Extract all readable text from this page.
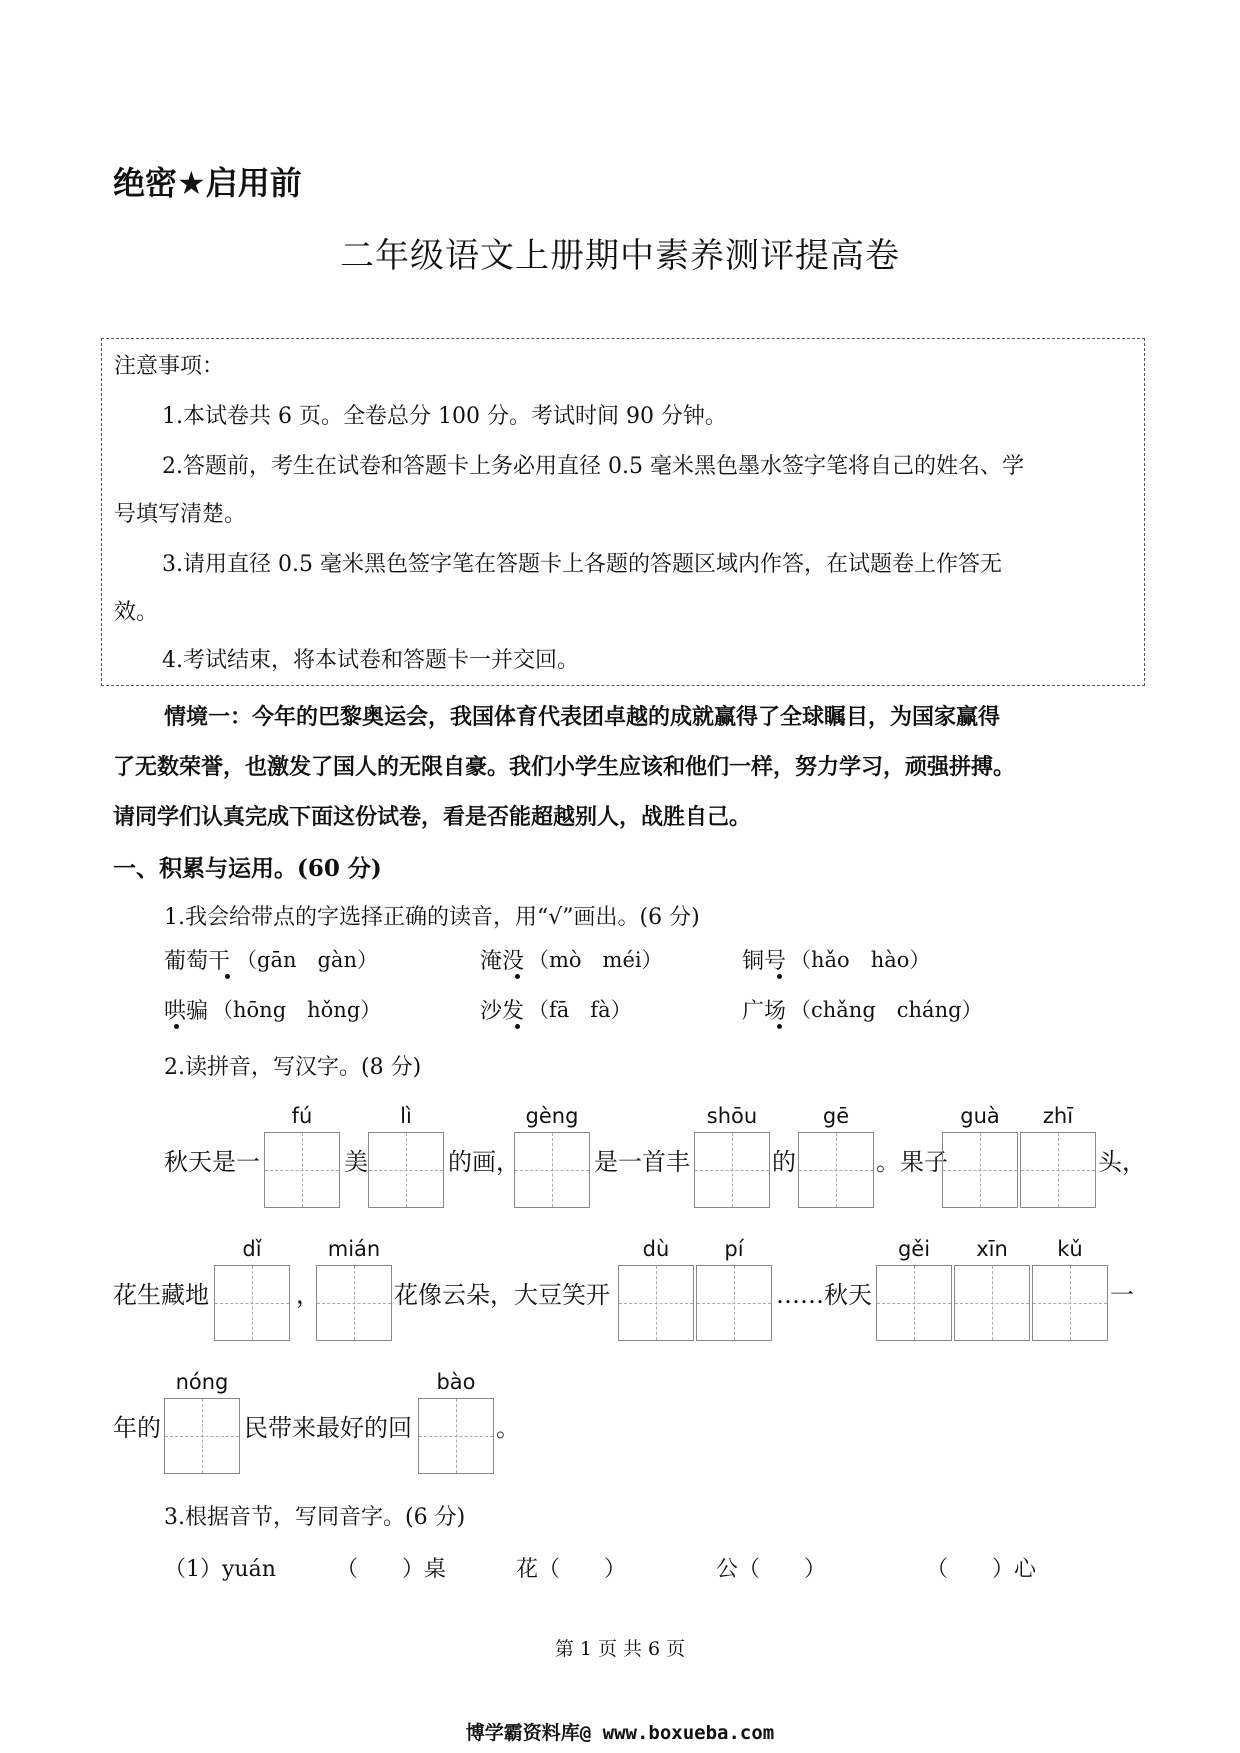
绝密★启用前
二年级语文上册期中素养测评提高卷
注意事项：
1.本试卷共 6 页。全卷总分 100 分。考试时间 90 分钟。
2.答题前，考生在试卷和答题卡上务必用直径 0.5 毫米黑色墨水签字笔将自己的姓名、学
号填写清楚。
3.请用直径 0.5 毫米黑色签字笔在答题卡上各题的答题区域内作答，在试题卷上作答无
效。
4.考试结束，将本试卷和答题卡一并交回。
情境一：今年的巴黎奥运会，我国体育代表团卓越的成就赢得了全球瞩目，为国家赢得
了无数荣誉，也激发了国人的无限自豪。我们小学生应该和他们一样，努力学习，顽强拼搏。
请同学们认真完成下面这份试卷，看是否能超越别人，战胜自己。
一、积累与运用。(60 分)
1.我会给带点的字选择正确的读音，用“√”画出。(6 分)
葡萄干 （gān　gàn）	淹没 （mò　méi）	铜号 （hǎo　hào）
哄骗 （hōng　hǒng）	沙发 （fā　fà）	广场 （chǎng　cháng）
2.读拼音，写汉字。(8 分)
秋天是一
fú
美
lì
的画，
gèng
是一首丰
shōu
的
gē
。果子
guà	zhī
头，
花生藏地
dǐ
，
mián
花像云朵，大豆笑开
dù	pí
……秋天
gěi	xīn	kǔ
一
年的
nóng
民带来最好的回
bào
。
3.根据音节，写同音字。(6 分)
（1）yuán	（　　）桌	花（　　）	公（　　）	（　　）心
第 1 页 共 6 页
博学霸资料库@ www.boxueba.com
